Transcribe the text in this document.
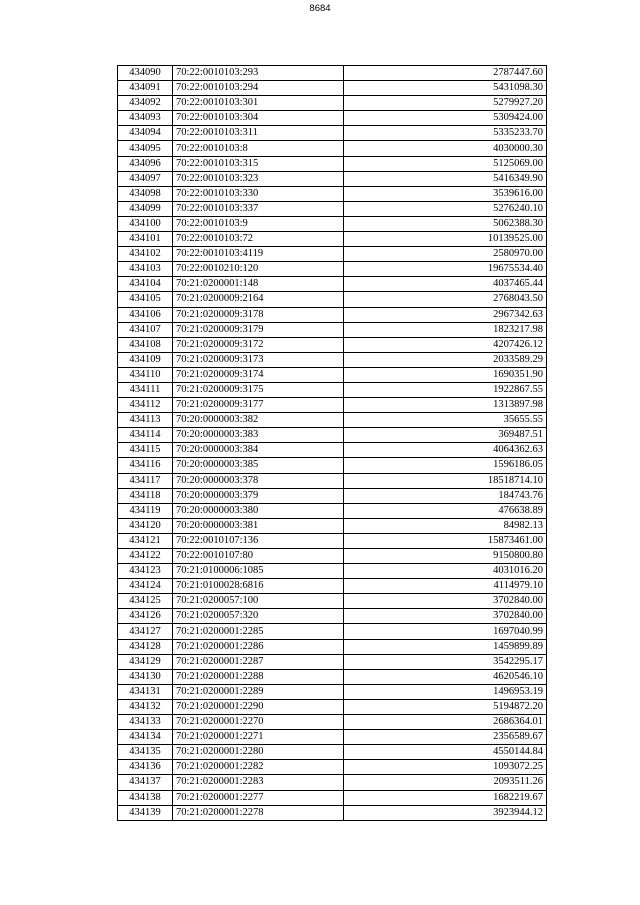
8684
434090	70:22:0010103:293	2787447.60
434091	70:22:0010103:294	5431098.30
434092	70:22:0010103:301	5279927.20
434093	70:22:0010103:304	5309424.00
434094	70:22:0010103:311	5335233.70
434095	70:22:0010103:8	4030000.30
434096	70:22:0010103:315	5125069.00
434097	70:22:0010103:323	5416349.90
434098	70:22:0010103:330	3539616.00
434099	70:22:0010103:337	5276240.10
434100	70:22:0010103:9	5062388.30
434101	70:22:0010103:72	10139525.00
434102	70:22:0010103:4119	2580970.00
434103	70:22:0010210:120	19675534.40
434104	70:21:0200001:148	4037465.44
434105	70:21:0200009:2164	2768043.50
434106	70:21:0200009:3178	2967342.63
434107	70:21:0200009:3179	1823217.98
434108	70:21:0200009:3172	4207426.12
434109	70:21:0200009:3173	2033589.29
434110	70:21:0200009:3174	1690351.90
434111	70:21:0200009:3175	1922867.55
434112	70:21:0200009:3177	1313897.98
434113	70:20:0000003:382	35655.55
434114	70:20:0000003:383	369487.51
434115	70:20:0000003:384	4064362.63
434116	70:20:0000003:385	1596186.05
434117	70:20:0000003:378	18518714.10
434118	70:20:0000003:379	184743.76
434119	70:20:0000003:380	476638.89
434120	70:20:0000003:381	84982.13
434121	70:22:0010107:136	15873461.00
434122	70:22:0010107:80	9150800.80
434123	70:21:0100006:1085	4031016.20
434124	70:21:0100028:6816	4114979.10
434125	70:21:0200057:100	3702840.00
434126	70:21:0200057:320	3702840.00
434127	70:21:0200001:2285	1697040.99
434128	70:21:0200001:2286	1459899.89
434129	70:21:0200001:2287	3542295.17
434130	70:21:0200001:2288	4620546.10
434131	70:21:0200001:2289	1496953.19
434132	70:21:0200001:2290	5194872.20
434133	70:21:0200001:2270	2686364.01
434134	70:21:0200001:2271	2356589.67
434135	70:21:0200001:2280	4550144.84
434136	70:21:0200001:2282	1093072.25
434137	70:21:0200001:2283	2093511.26
434138	70:21:0200001:2277	1682219.67
434139	70:21:0200001:2278	3923944.12
